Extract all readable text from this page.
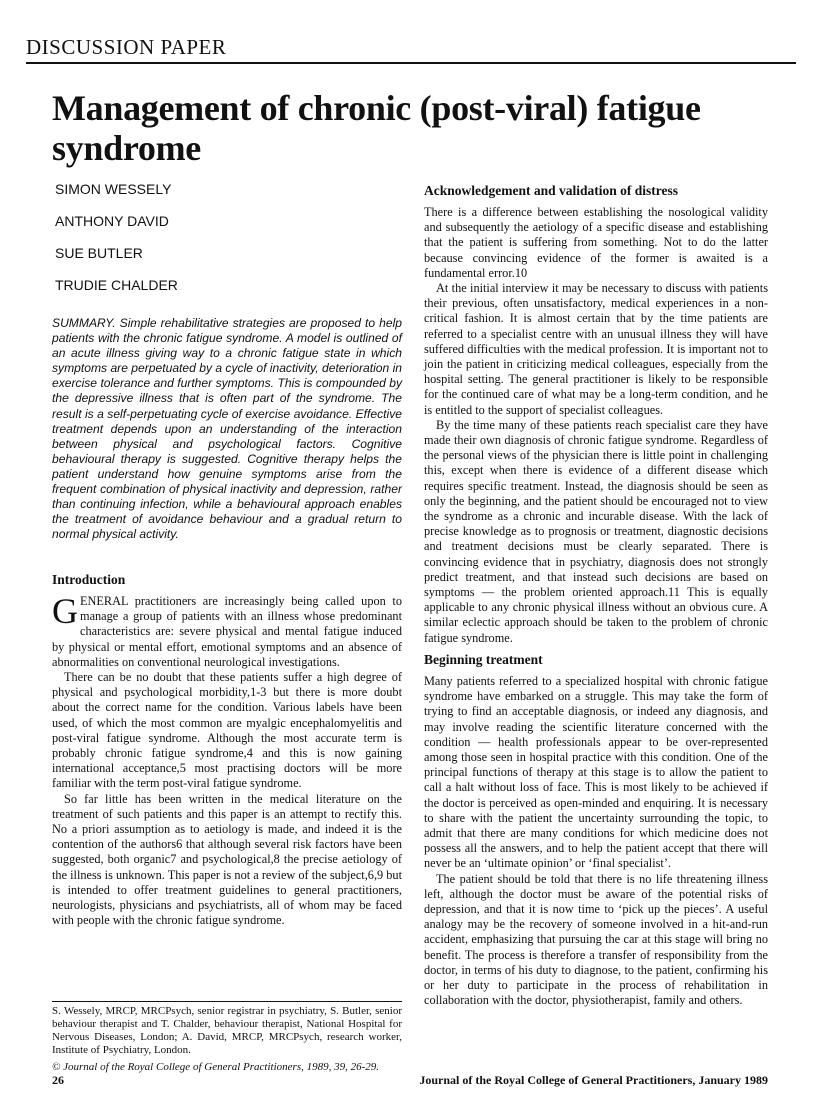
DISCUSSION PAPER
Management of chronic (post-viral) fatigue syndrome
SIMON WESSELY
ANTHONY DAVID
SUE BUTLER
TRUDIE CHALDER
SUMMARY. Simple rehabilitative strategies are proposed to help patients with the chronic fatigue syndrome. A model is outlined of an acute illness giving way to a chronic fatigue state in which symptoms are perpetuated by a cycle of inactivity, deterioration in exercise tolerance and further symptoms. This is compounded by the depressive illness that is often part of the syndrome. The result is a self-perpetuating cycle of exercise avoidance. Effective treatment depends upon an understanding of the interaction between physical and psychological factors. Cognitive behavioural therapy is suggested. Cognitive therapy helps the patient understand how genuine symptoms arise from the frequent combination of physical inactivity and depression, rather than continuing infection, while a behavioural approach enables the treatment of avoidance behaviour and a gradual return to normal physical activity.
Introduction

GENERAL practitioners are increasingly being called upon to manage a group of patients with an illness whose predominant characteristics are: severe physical and mental fatigue induced by physical or mental effort, emotional symptoms and an absence of abnormalities on conventional neurological investigations.

There can be no doubt that these patients suffer a high degree of physical and psychological morbidity,1-3 but there is more doubt about the correct name for the condition. Various labels have been used, of which the most common are myalgic encephalomyelitis and post-viral fatigue syndrome. Although the most accurate term is probably chronic fatigue syndrome,4 and this is now gaining international acceptance,5 most practising doctors will be more familiar with the term post-viral fatigue syndrome.

So far little has been written in the medical literature on the treatment of such patients and this paper is an attempt to rectify this. No a priori assumption as to aetiology is made, and indeed it is the contention of the authors6 that although several risk factors have been suggested, both organic7 and psychological,8 the precise aetiology of the illness is unknown. This paper is not a review of the subject,6,9 but is intended to offer treatment guidelines to general practitioners, neurologists, physicians and psychiatrists, all of whom may be faced with people with the chronic fatigue syndrome.

S. Wessely, MRCP, MRCPsych, senior registrar in psychiatry, S. Butler, senior behaviour therapist and T. Chalder, behaviour therapist, National Hospital for Nervous Diseases, London; A. David, MRCP, MRCPsych, research worker, Institute of Psychiatry, London.
© Journal of the Royal College of General Practitioners, 1989, 39, 26-29.
Acknowledgement and validation of distress

There is a difference between establishing the nosological validity and subsequently the aetiology of a specific disease and establishing that the patient is suffering from something. Not to do the latter because convincing evidence of the former is awaited is a fundamental error.10

At the initial interview it may be necessary to discuss with patients their previous, often unsatisfactory, medical experiences in a non-critical fashion. It is almost certain that by the time patients are referred to a specialist centre with an unusual illness they will have suffered difficulties with the medical profession. It is important not to join the patient in criticizing medical colleagues, especially from the hospital setting. The general practitioner is likely to be responsible for the continued care of what may be a long-term condition, and he is entitled to the support of specialist colleagues.

By the time many of these patients reach specialist care they have made their own diagnosis of chronic fatigue syndrome. Regardless of the personal views of the physician there is little point in challenging this, except when there is evidence of a different disease which requires specific treatment. Instead, the diagnosis should be seen as only the beginning, and the patient should be encouraged not to view the syndrome as a chronic and incurable disease. With the lack of precise knowledge as to prognosis or treatment, diagnostic decisions and treatment decisions must be clearly separated. There is convincing evidence that in psychiatry, diagnosis does not strongly predict treatment, and that instead such decisions are based on symptoms — the problem oriented approach.11 This is equally applicable to any chronic physical illness without an obvious cure. A similar eclectic approach should be taken to the problem of chronic fatigue syndrome.

Beginning treatment

Many patients referred to a specialized hospital with chronic fatigue syndrome have embarked on a struggle. This may take the form of trying to find an acceptable diagnosis, or indeed any diagnosis, and may involve reading the scientific literature concerned with the condition — health professionals appear to be over-represented among those seen in hospital practice with this condition. One of the principal functions of therapy at this stage is to allow the patient to call a halt without loss of face. This is most likely to be achieved if the doctor is perceived as open-minded and enquiring. It is necessary to share with the patient the uncertainty surrounding the topic, to admit that there are many conditions for which medicine does not possess all the answers, and to help the patient accept that there will never be an ‘ultimate opinion’ or ‘final specialist’.

The patient should be told that there is no life threatening illness left, although the doctor must be aware of the potential risks of depression, and that it is now time to ‘pick up the pieces’. A useful analogy may be the recovery of someone involved in a hit-and-run accident, emphasizing that pursuing the car at this stage will bring no benefit. The process is therefore a transfer of responsibility from the doctor, in terms of his duty to diagnose, to the patient, confirming his or her duty to participate in the process of rehabilitation in collaboration with the doctor, physiotherapist, family and others.

26	Journal of the Royal College of General Practitioners, January 1989
